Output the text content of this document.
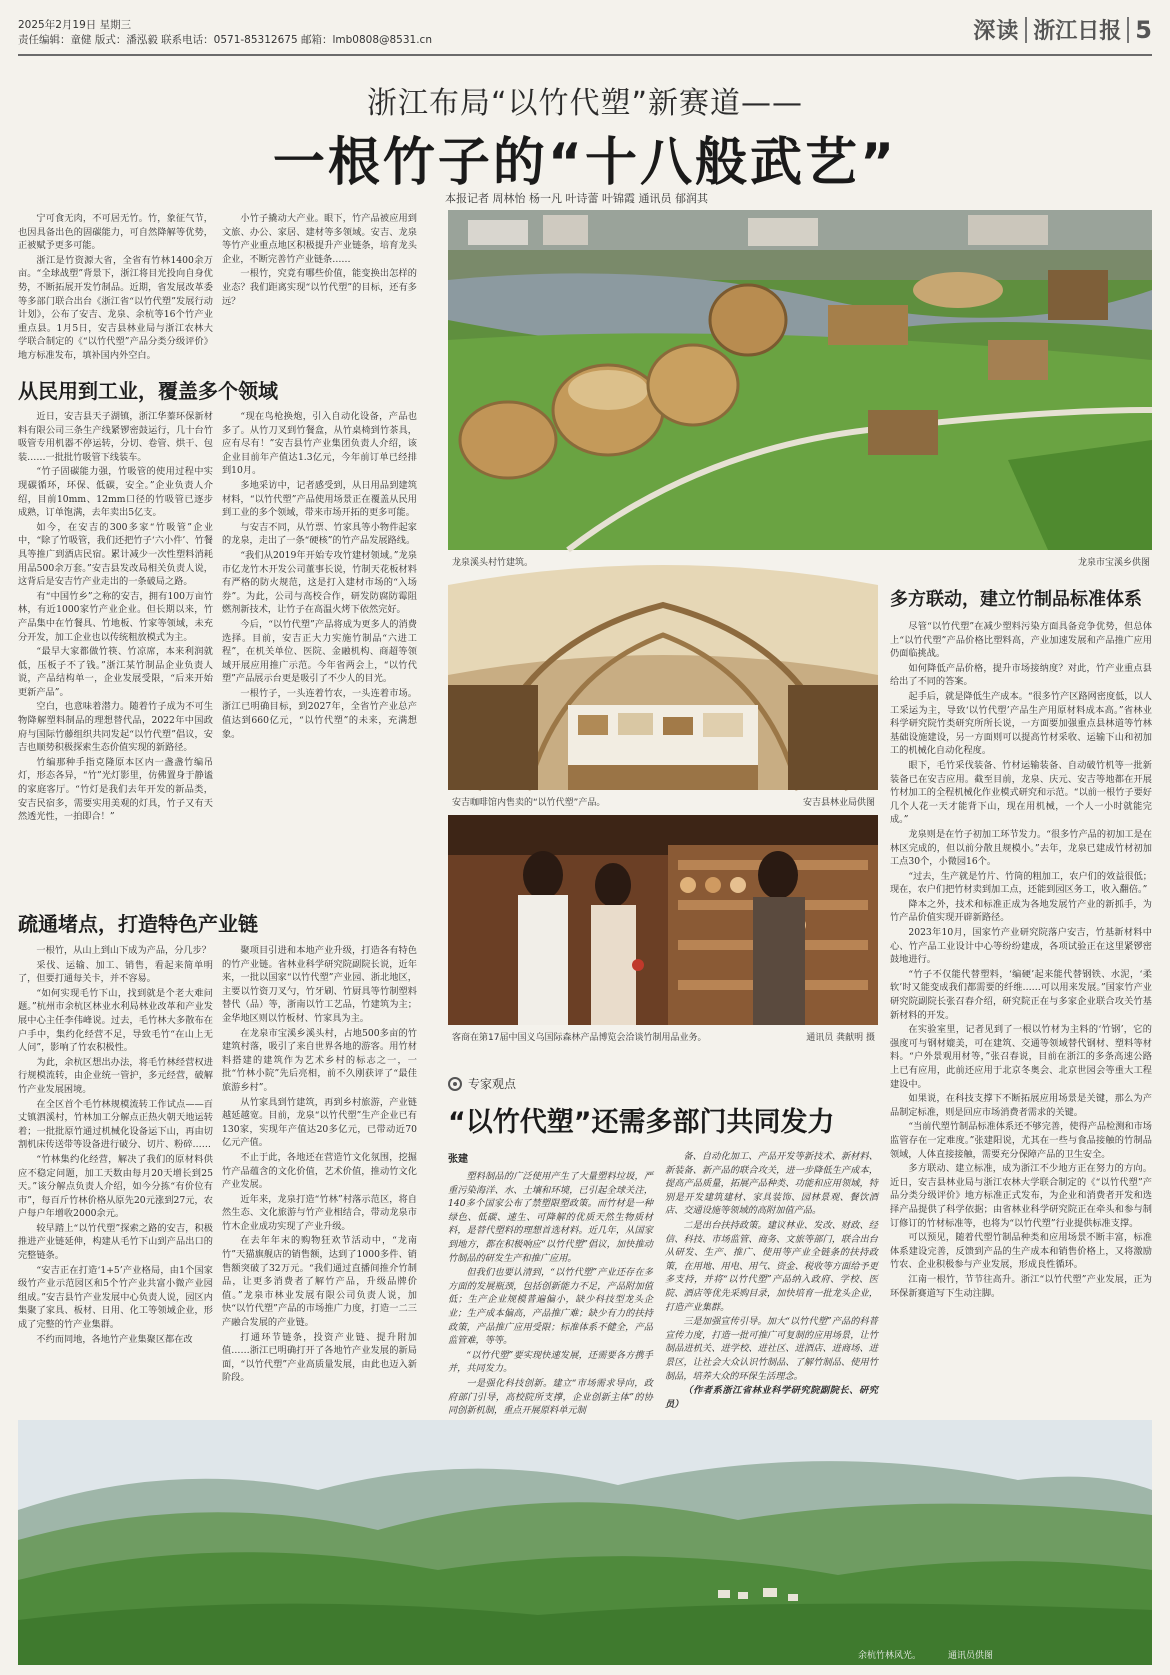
2025年2月19日 星期三
责任编辑：童健 版式：潘泓毅 联系电话：0571-85312675 邮箱：lmb0808@8531.cn	深读 浙江日报 5
浙江布局“以竹代塑”新赛道——
一根竹子的“十八般武艺”
本报记者 周林怡 杨一凡 叶诗蕾 叶锦霞 通讯员 郁润其

宁可食无肉，不可居无竹。竹，象征气节，也因具备出色的固碳能力，可自然降解等优势，正被赋予更多可能。

浙江是竹资源大省，全省有竹林1400余万亩。“全球战塑”背景下，浙江将目光投向自身优势，不断拓展开发竹制品。近期，省发展改革委等多部门联合出台《浙江省“以竹代塑”发展行动计划》，公布了安吉、龙泉、余杭等16个竹产业重点县。1月5日，安吉县林业局与浙江农林大学联合制定的《“以竹代塑”产品分类分级评价》地方标准发布，填补国内外空白。

小竹子撬动大产业。眼下，竹产品被应用到文旅、办公、家居、建材等多领域。安吉、龙泉等竹产业重点地区积极提升产业链条，培育龙头企业，不断完善竹产业链条……

一根竹，究竟有哪些价值，能变换出怎样的业态？我们距离实现“以竹代塑”的目标，还有多远？

从民用到工业，覆盖多个领域

近日，安吉县天子湖镇，浙江华蓁环保新材料有限公司三条生产线紧锣密鼓运行，几十台竹吸管专用机器不停运转，分切、卷管、烘干、包装……一批批竹吸管下线装车。

“竹子固碳能力强，竹吸管的使用过程中实现碳循环，环保、低碳，安全。”企业负责人介绍，目前10mm、12mm口径的竹吸管已逐步成熟，订单饱满，去年卖出5亿支。

如今，在安吉的300多家“竹吸管”企业中，“除了竹吸管，我们还把竹子‘六小件’、竹餐具等推广到酒店民宿。累计减少一次性塑料消耗用品500余万套。”安吉县发改局相关负责人说，这背后是安吉竹产业走出的一条破局之路。

有“中国竹乡”之称的安吉，拥有100万亩竹林，有近1000家竹产业企业。但长期以来，竹产品集中在竹餐具、竹地板、竹家等领域，未充分开发，加工企业也以传统粗放模式为主。

“最早大家都做竹筷、竹凉席，本来利润就低，压板子不了钱。”浙江某竹制品企业负责人说，产品结构单一，企业发展受限，“后来开始更新产品”。

空白，也意味着潜力。随着竹子成为不可生物降解塑料制品的理想替代品，2022年中国政府与国际竹藤组织共同发起“以竹代塑”倡议，安吉也顺势积极探索生态价值实现的新路径。

竹编那种手指克隆原本区内一盏盏竹编吊灯，形态各异，“竹”光灯影里，仿佛置身于静谧的家庭客厅。“竹灯是我们去年开发的新品类，安吉民宿多，需要实用美观的灯具，竹子又有天然透光性，一拍即合！”

“现在鸟枪换炮，引入自动化设备，产品也多了。从竹刀叉到竹餐盒，从竹桌椅到竹茶具，应有尽有！”安吉县竹产业集团负责人介绍，该企业目前年产值达1.3亿元，今年前订单已经排到10月。

多地采访中，记者感受到，从日用品到建筑材料，“以竹代塑”产品使用场景正在覆盖从民用到工业的多个领域，带来市场开拓的更多可能。

与安吉不同，从竹票、竹家具等小物件起家的龙泉，走出了一条“硬核”的竹产品发展路线。

“我们从2019年开始专攻竹建材领域。”龙泉市亿龙竹木开发公司董事长说，竹制天花板材料有严格的防火规范，这是打入建材市场的“入场券”。为此，公司与高校合作，研发防腐防霉阻燃剂新技术，让竹子在高温火烤下依然完好。

今后，“以竹代塑”产品将成为更多人的消费选择。目前，安吉正大力实施竹制品“六进工程”，在机关单位、医院、金融机构、商超等领域开展应用推广示范。今年省两会上，“以竹代塑”产品展示台更是吸引了不少人的目光。

一根竹子，一头连着竹农，一头连着市场。浙江已明确目标，到2027年，全省竹产业总产值达到660亿元，“以竹代塑”的未来，充满想象。

疏通堵点，打造特色产业链

一根竹，从山上到山下成为产品，分几步？

采伐、运输、加工、销售，看起来简单明了，但要打通每关卡，并不容易。

“如何实现毛竹下山，找到就是个老大难问题。”杭州市余杭区林业水利局林业改革和产业发展中心主任李伟峰说。过去，毛竹林大多散布在户手中，集约化经营不足，导致毛竹“在山上无人问”，影响了竹农积极性。

为此，余杭区想出办法，将毛竹林经营权进行规模流转，由企业统一管护，多元经营，破解竹产业发展困境。

在全区首个毛竹林规模流转工作试点——百丈镇泗溪村，竹林加工分解点正热火朝天地运转着；一批批原竹通过机械化设备运下山，再由切割机床传送带等设备进行破分、切片、粉碎……

“竹林集约化经营，解决了我们的原材料供应不稳定问题，加工天数由每月20天增长到25天。”该分解点负责人介绍，如今分拣“有价位有市”，每百斤竹林价格从原先20元涨到27元，农户每户年增收2000余元。

较早踏上“以竹代塑”探索之路的安吉，积极推进产业链延伸，构建从毛竹下山到产品出口的完整链条。

“安吉正在打造‘1+5’产业格局，由1个国家级竹产业示范园区和5个竹产业共富小微产业园组成。”安吉县竹产业发展中心负责人说，园区内集聚了家具、板材、日用、化工等领域企业，形成了完整的竹产业集群。

不约而同地，各地竹产业集聚区都在改

聚项目引进和本地产业升级，打造各有特色的竹产业链。省林业科学研究院副院长说，近年来，一批以国家“以竹代塑”产业园、浙北地区，主要以竹资刀叉勺，竹牙刷、竹厨具等竹制塑料替代（品）等，浙南以竹工艺品，竹建筑为主；金华地区则以竹板材、竹家具为主。

在龙泉市宝溪乡溪头村，占地500多亩的竹建筑村落，吸引了来自世界各地的游客。用竹材料搭建的建筑作为艺术乡村的标志之一，一批“竹林小院”先后亮相，前不久刚获评了“最佳旅游乡村”。

从竹家具到竹建筑，再到乡村旅游，产业链越延越宽。目前，龙泉“以竹代塑”生产企业已有130家，实现年产值达20多亿元，已带动近70亿元产值。

不止于此，各地还在营造竹文化氛围，挖掘竹产品蕴含的文化价值，艺术价值，推动竹文化产业发展。

近年来，龙泉打造“竹林”村落示范区，将自然生态、文化旅游与竹产业相结合，带动龙泉市竹木企业成功实现了产业升级。

在去年年末的购物狂欢节活动中，“龙南竹”天猫旗舰店的销售额，达到了1000多件、销售额突破了32万元。“我们通过直播间推介竹制品，让更多消费者了解竹产品，升级品牌价值。”龙泉市林业发展有限公司负责人说，加快“以竹代塑”产品的市场推广力度，打造一二三产融合发展的产业链。

打通环节链条，投资产业链、提升附加值……浙江已明确打开了各地竹产业发展的新局面，“以竹代塑”产业高质量发展，由此也迈入新阶段。

龙泉溪头村竹建筑。	龙泉市宝溪乡供图
多方联动，建立竹制品标准体系

尽管“以竹代塑”在减少塑料污染方面具备竞争优势，但总体上“以竹代塑”产品价格比塑料高，产业加速发展和产品推广应用仍面临挑战。

如何降低产品价格，提升市场接纳度？对此，竹产业重点县给出了不同的答案。

起手后，就是降低生产成本。“很多竹产区路网密度低，以人工采运为主，导致‘以竹代塑’产品生产用原材料成本高。”省林业科学研究院竹类研究所所长说，一方面要加强重点县林道等竹林基础设施建设，另一方面则可以提高竹材采收、运输下山和初加工的机械化自动化程度。

眼下，毛竹采伐装备、竹材运输装备、自动破竹机等一批新装备已在安吉应用。截至目前，龙泉、庆元、安吉等地都在开展竹材加工的全程机械化作业模式研究和示范。“以前一根竹子要好几个人花一天才能背下山，现在用机械，一个人一小时就能完成。”

龙泉则是在竹子初加工环节发力。“很多竹产品的初加工是在林区完成的，但以前分散且规模小。”去年，龙泉已建成竹材初加工点30个，小微园16个。

“过去，生产就是竹片、竹筒的粗加工，农户们的效益很低；现在，农户们把竹材卖到加工点，还能到园区务工，收入翻倍。”

降本之外，技术和标准正成为各地发展竹产业的新抓手，为竹产品价值实现开辟新路径。

2023年10月，国家竹产业研究院落户安吉，竹基新材料中心、竹产品工业设计中心等纷纷建成，各项试验正在这里紧锣密鼓地进行。

“竹子不仅能代替塑料，‘编硬’起来能代替钢铁、水泥，‘柔软’时又能变成我们都需要的纤维……可以用来发展。”国家竹产业研究院副院长张召春介绍，研究院正在与多家企业联合攻关竹基新材料的开发。

在实验室里，记者见到了一根以竹材为主料的‘竹钢’，它的强度可与钢材媲美，可在建筑、交通等领域替代钢材、塑料等材料。“户外景观用材等，”张召春说，目前在浙江的多条高速公路上已有应用，此前还应用于北京冬奥会、北京世园会等重大工程建设中。

如果说，在科技支撑下不断拓展应用场景是关键，那么为产品制定标准，则是回应市场消费者需求的关键。

“当前代塑竹制品标准体系还不够完善，使得产品检测和市场监管存在一定难度。”张建阳说，尤其在一些与食品接触的竹制品领域，人体直接接触，需要充分保障产品的卫生安全。

多方联动、建立标准，成为浙江不少地方正在努力的方向。近日，安吉县林业局与浙江农林大学联合制定的《“以竹代塑”产品分类分级评价》地方标准正式发布，为企业和消费者开发和选择产品提供了科学依据；由省林业科学研究院正在牵头和参与制订修订的竹材标准等，也将为“以竹代塑”行业提供标准支撑。

可以预见，随着代塑竹制品种类和应用场景不断丰富，标准体系建设完善，反馈到产品的生产成本和销售价格上，又将激励竹农、企业积极参与产业发展，形成良性循环。

江南一根竹，节节往高升。浙江“以竹代塑”产业发展，正为环保新赛道写下生动注脚。

安吉咖啡馆内售卖的“以竹代塑”产品。	安吉县林业局供图
客商在第17届中国义乌国际森林产品博览会洽谈竹制用品业务。	通讯员 龚献明 摄
专家观点
“以竹代塑”还需多部门共同发力
张建

塑料制品的广泛使用产生了大量塑料垃圾，严重污染海洋、水、土壤和环境，已引起全球关注，140多个国家公布了禁塑限塑政策。而竹材是一种绿色、低碳、速生、可降解的优质天然生物质材料，是替代塑料的理想首选材料。近几年，从国家到地方，都在积极响应“以竹代塑”倡议，加快推动竹制品的研发生产和推广应用。

但我们也要认清到，“以竹代塑”产业还存在多方面的发展瓶颈，包括创新能力不足，产品附加值低；生产企业规模普遍偏小，缺少科技型龙头企业；生产成本偏高，产品推广难；缺少有力的扶持政策，产品推广应用受限；标准体系不健全，产品监管难，等等。

“以竹代塑”要实现快速发展，还需要各方携手并，共同发力。

一是强化科技创新。建立“市场需求导向，政府部门引导，高校院所支撑，企业创新主体”的协同创新机制，重点开展原料单元制

备、自动化加工、产品开发等新技术、新材料、新装备、新产品的联合攻关，进一步降低生产成本，提高产品质量，拓展产品种类、功能和应用领域，特别是开发建筑建材、家具装饰、园林景观、餐饮酒店、交通设施等领域的高附加值产品。

二是出台扶持政策。建议林业、发改、财政、经信、科技、市场监管、商务、文旅等部门，联合出台从研发、生产、推广、使用等产业全链条的扶持政策，在用地、用电、用气、资金、税收等方面给予更多支持，并将“以竹代塑”产品纳入政府、学校、医院、酒店等优先采购目录，加快培育一批龙头企业，打造产业集群。

三是加强宣传引导。加大“以竹代塑”产品的科普宣传力度，打造一批可推广可复制的应用场景，让竹制品进机关、进学校、进社区、进酒店、进商场、进景区，让社会大众认识竹制品、了解竹制品、使用竹制品，培养大众的环保生活理念。

（作者系浙江省林业科学研究院副院长、研究员）

余杭竹林风光。	通讯员供图
